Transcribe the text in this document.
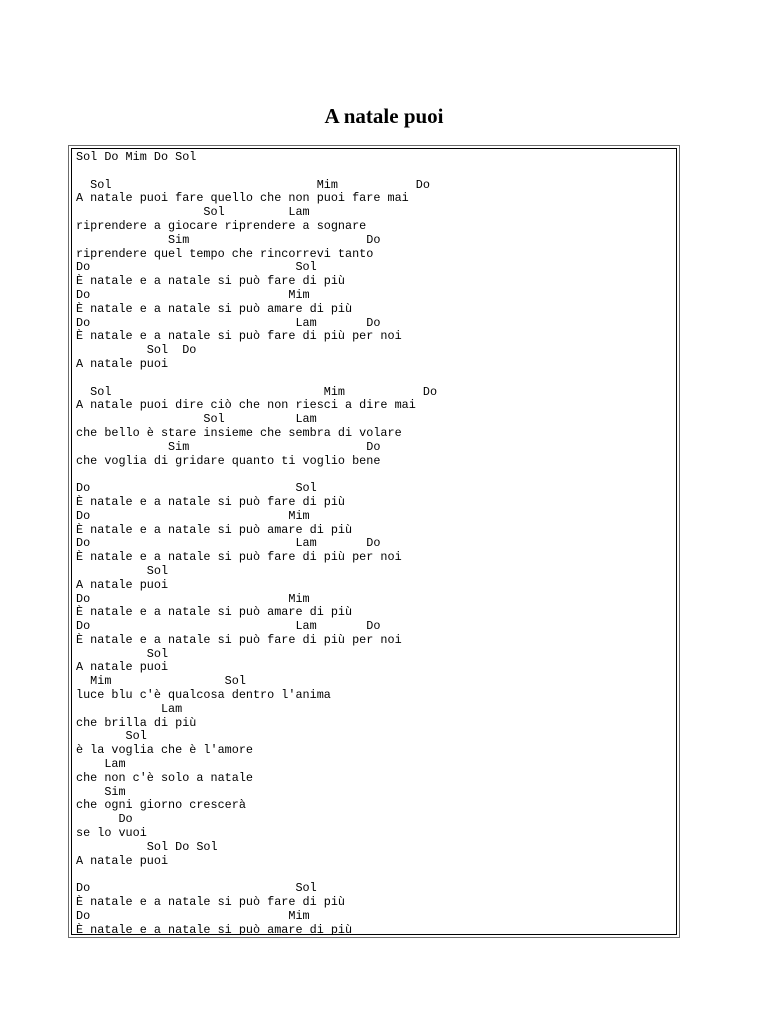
A natale puoi
Sol Do Mim Do Sol

Sol                             Mim           Do
A natale puoi fare quello che non puoi fare mai
Sol         Lam
riprendere a giocare riprendere a sognare
Sim                         Do
riprendere quel tempo che rincorrevi tanto
Do                             Sol
È natale e a natale si può fare di più
Do                            Mim
È natale e a natale si può amare di più
Do                             Lam       Do
È natale e a natale si può fare di più per noi
Sol  Do
A natale puoi

Sol                              Mim           Do
A natale puoi dire ciò che non riesci a dire mai
Sol          Lam
che bello è stare insieme che sembra di volare
Sim                         Do
che voglia di gridare quanto ti voglio bene

Do                             Sol
È natale e a natale si può fare di più
Do                            Mim
È natale e a natale si può amare di più
Do                             Lam       Do
È natale e a natale si può fare di più per noi
Sol
A natale puoi
Do                            Mim
È natale e a natale si può amare di più
Do                             Lam       Do
È natale e a natale si può fare di più per noi
Sol
A natale puoi
Mim                Sol
luce blu c'è qualcosa dentro l'anima
Lam
che brilla di più
Sol
è la voglia che è l'amore
Lam
che non c'è solo a natale
Sim
che ogni giorno crescerà
Do
se lo vuoi
Sol Do Sol
A natale puoi

Do                             Sol
È natale e a natale si può fare di più
Do                            Mim
È natale e a natale si può amare di più
